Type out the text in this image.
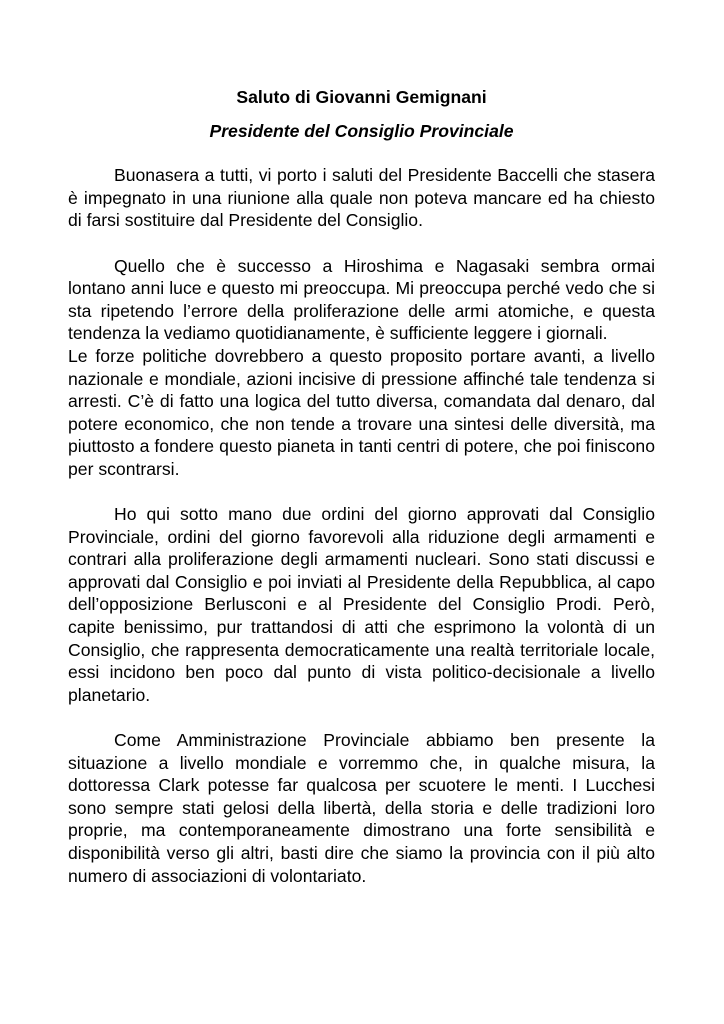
Saluto di Giovanni Gemignani

Presidente del Consiglio Provinciale

Buonasera a tutti, vi porto i saluti del Presidente Baccelli che stasera è impegnato in una riunione alla quale non poteva mancare ed ha chiesto di farsi sostituire dal Presidente del Consiglio.

Quello che è successo a Hiroshima e Nagasaki sembra ormai lontano anni luce e questo mi preoccupa. Mi preoccupa perché vedo che si sta ripetendo l’errore della proliferazione delle armi atomiche, e questa tendenza la vediamo quotidianamente, è sufficiente leggere i giornali.

Le forze politiche dovrebbero a questo proposito portare avanti, a livello nazionale e mondiale, azioni incisive di pressione affinché tale tendenza si arresti. C’è di fatto una logica del tutto diversa, comandata dal denaro, dal potere economico, che non tende a trovare una sintesi delle diversità, ma piuttosto a fondere questo pianeta in tanti centri di potere, che poi finiscono per scontrarsi.

Ho qui sotto mano due ordini del giorno approvati dal Consiglio Provinciale, ordini del giorno favorevoli alla riduzione degli armamenti e contrari alla proliferazione degli armamenti nucleari. Sono stati discussi e approvati dal Consiglio e poi inviati al Presidente della Repubblica, al capo dell’opposizione Berlusconi e al Presidente del Consiglio Prodi. Però, capite benissimo, pur trattandosi di atti che esprimono la volontà di un Consiglio, che rappresenta democraticamente una realtà territoriale locale, essi incidono ben poco dal punto di vista politico-decisionale a livello planetario.

Come Amministrazione Provinciale abbiamo ben presente la situazione a livello mondiale e vorremmo che, in qualche misura, la dottoressa Clark potesse far qualcosa per scuotere le menti. I Lucchesi sono sempre stati gelosi della libertà, della storia e delle tradizioni loro proprie, ma contemporaneamente dimostrano una forte sensibilità e disponibilità verso gli altri, basti dire che siamo la provincia con il più alto numero di associazioni di volontariato.
